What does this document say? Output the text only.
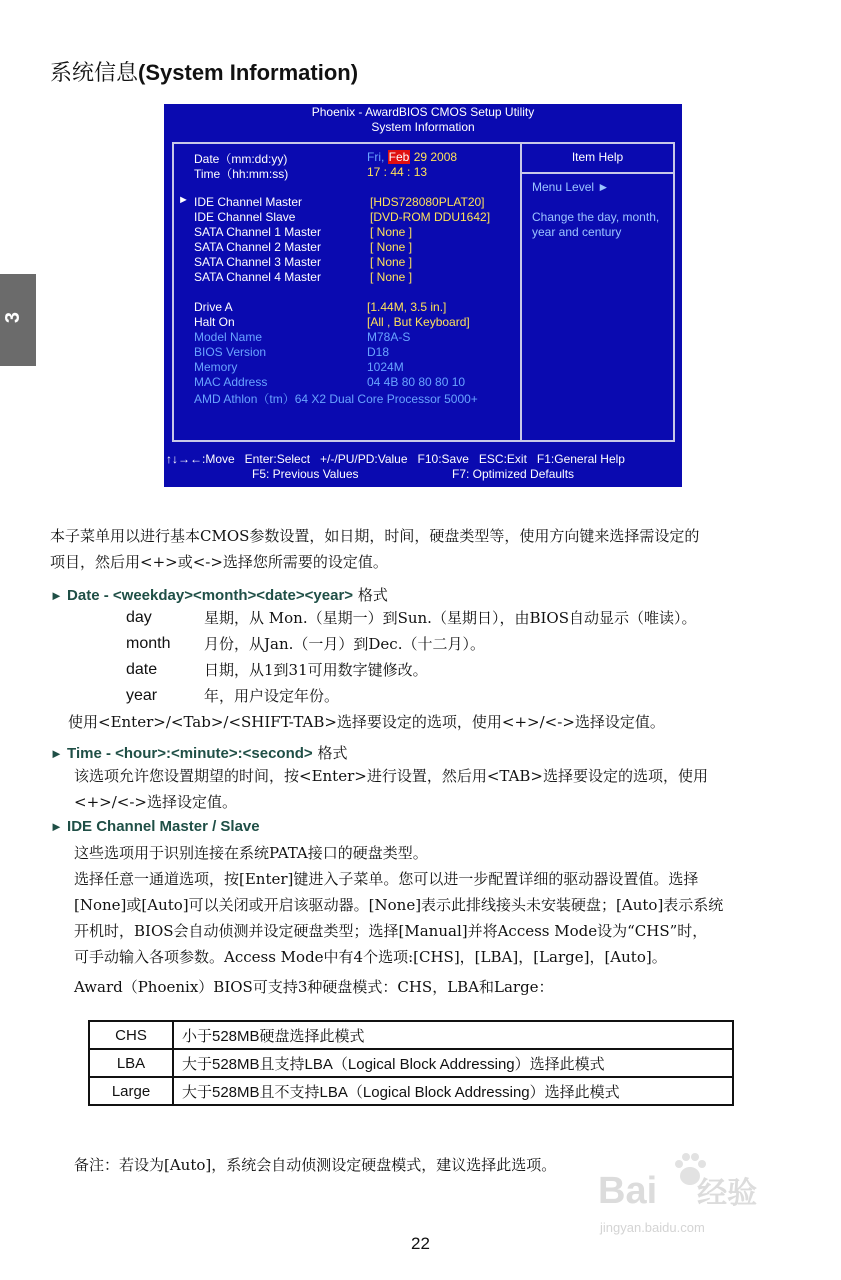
系统信息(System Information)
3
Phoenix - AwardBIOS CMOS Setup Utility
System Information
Date（mm:dd:yy)	Fri, Feb 29 2008
Time（hh:mm:ss)	17 : 44 : 13
► IDE Channel Master	[HDS728080PLAT20]
IDE Channel Slave	[DVD-ROM DDU1642]
SATA Channel 1 Master	[ None ]
SATA Channel 2 Master	[ None ]
SATA Channel 3 Master	[ None ]
SATA Channel 4 Master	[ None ]
Drive A	[1.44M, 3.5 in.]
Halt On	[All , But Keyboard]
Model Name	M78A-S
BIOS Version	D18
Memory	1024M
MAC Address	04 4B 80 80 80 10
AMD Athlon（tm）64 X2 Dual Core Processor 5000+
Item Help
Menu Level ►
Change the day, month,
year and century
↑↓→←:Move   Enter:Select   +/-/PU/PD:Value   F10:Save   ESC:Exit   F1:General Help
F5: Previous Values	F7: Optimized Defaults
本子菜单用以进行基本CMOS参数设置，如日期，时间，硬盘类型等，使用方向键来选择需设定的
项目，然后用<+>或<->选择您所需要的设定值。
► Date - <weekday><month><date><year> 格式
day	星期，从 Mon.（星期一）到Sun.（星期日），由BIOS自动显示（唯读）。
month 月份，从Jan.（一月）到Dec.（十二月）。
date	日期，从1到31可用数字键修改。
year	年，用户设定年份。
使用<Enter>/<Tab>/<SHIFT-TAB>选择要设定的选项，使用<+>/<->选择设定值。
► Time - <hour>:<minute>:<second> 格式
该选项允许您设置期望的时间，按<Enter>进行设置，然后用<TAB>选择要设定的选项，使用
<+>/<->选择设定值。
► IDE Channel Master / Slave
这些选项用于识别连接在系统PATA接口的硬盘类型。
选择任意一通道选项，按[Enter]键进入子菜单。您可以进一步配置详细的驱动器设置值。选择
[None]或[Auto]可以关闭或开启该驱动器。[None]表示此排线接头未安装硬盘；[Auto]表示系统
开机时，BIOS会自动侦测并设定硬盘类型；选择[Manual]并将Access Mode设为“CHS”时，
可手动输入各项参数。Access Mode中有4个选项:[CHS]，[LBA]，[Large]，[Auto]。
Award（Phoenix）BIOS可支持3种硬盘模式：CHS，LBA和Large：
CHS	小于528MB硬盘选择此模式
LBA	大于528MB且支持LBA（Logical Block Addressing）选择此模式
Large	大于528MB且不支持LBA（Logical Block Addressing）选择此模式
备注：若设为[Auto]，系统会自动侦测设定硬盘模式，建议选择此选项。
22
Bai 经验
jingyan.baidu.com
